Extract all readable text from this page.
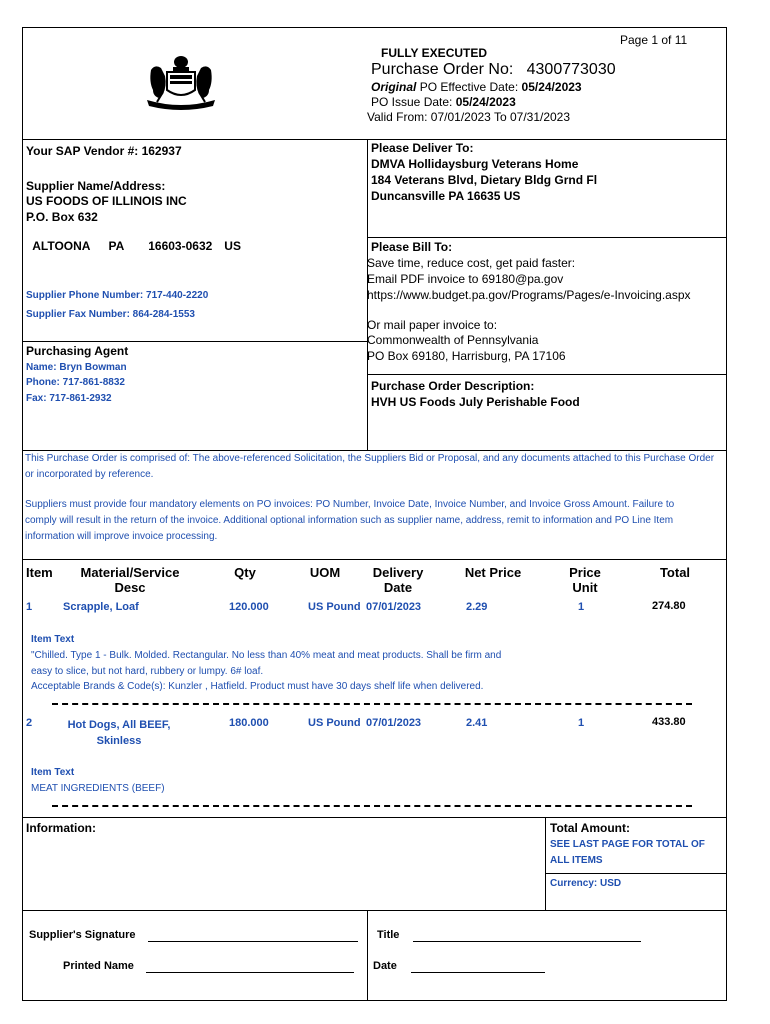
Page 1 of 11
FULLY EXECUTED
Purchase Order No: 4300773030
Original PO Effective Date: 05/24/2023
PO Issue Date: 05/24/2023
Valid From: 07/01/2023 To 07/31/2023
Your SAP Vendor #: 162937
Supplier Name/Address:
US FOODS OF ILLINOIS INC
P.O. Box 632

ALTOONA PA 16603-0632 US

Supplier Phone Number: 717-440-2220
Supplier Fax Number: 864-284-1553
Purchasing Agent
Name: Bryn Bowman
Phone: 717-861-8832
Fax: 717-861-2932
Please Deliver To:
DMVA Hollidaysburg Veterans Home
184 Veterans Blvd, Dietary Bldg Grnd Fl
Duncansville PA 16635 US
Please Bill To:
Save time, reduce cost, get paid faster:
Email PDF invoice to 69180@pa.gov
https://www.budget.pa.gov/Programs/Pages/e-Invoicing.aspx
Or mail paper invoice to:
Commonwealth of Pennsylvania
PO Box 69180, Harrisburg, PA 17106
Purchase Order Description:
HVH US Foods July Perishable Food
This Purchase Order is comprised of: The above-referenced Solicitation, the Suppliers Bid or Proposal, and any documents attached to this Purchase Order or incorporated by reference.
Suppliers must provide four mandatory elements on PO invoices: PO Number, Invoice Date, Invoice Number, and Invoice Gross Amount. Failure to comply will result in the return of the invoice. Additional optional information such as supplier name, address, remit to information and PO Line Item information will improve invoice processing.
Item	Material/Service
Desc
Qty	UOM	Delivery
Date
Net Price	Price
Unit
Total
1	Scrapple, Loaf	120.000	US Pound 07/01/2023	2.29	1	274.80
Item Text
"Chilled. Type 1 - Bulk. Molded. Rectangular. No less than 40% meat and meat products. Shall be firm and
easy to slice, but not hard, rubbery or lumpy. 6# loaf.
Acceptable Brands & Code(s): Kunzler , Hatfield. Product must have 30 days shelf life when delivered.
2	Hot Dogs, All BEEF,
Skinless
180.000	US Pound 07/01/2023	2.41	1	433.80
Item Text
MEAT INGREDIENTS (BEEF)
Information:	Total Amount:
SEE LAST PAGE FOR TOTAL OF ALL ITEMS
Currency: USD
Supplier's Signature
Printed Name
Title
Date
